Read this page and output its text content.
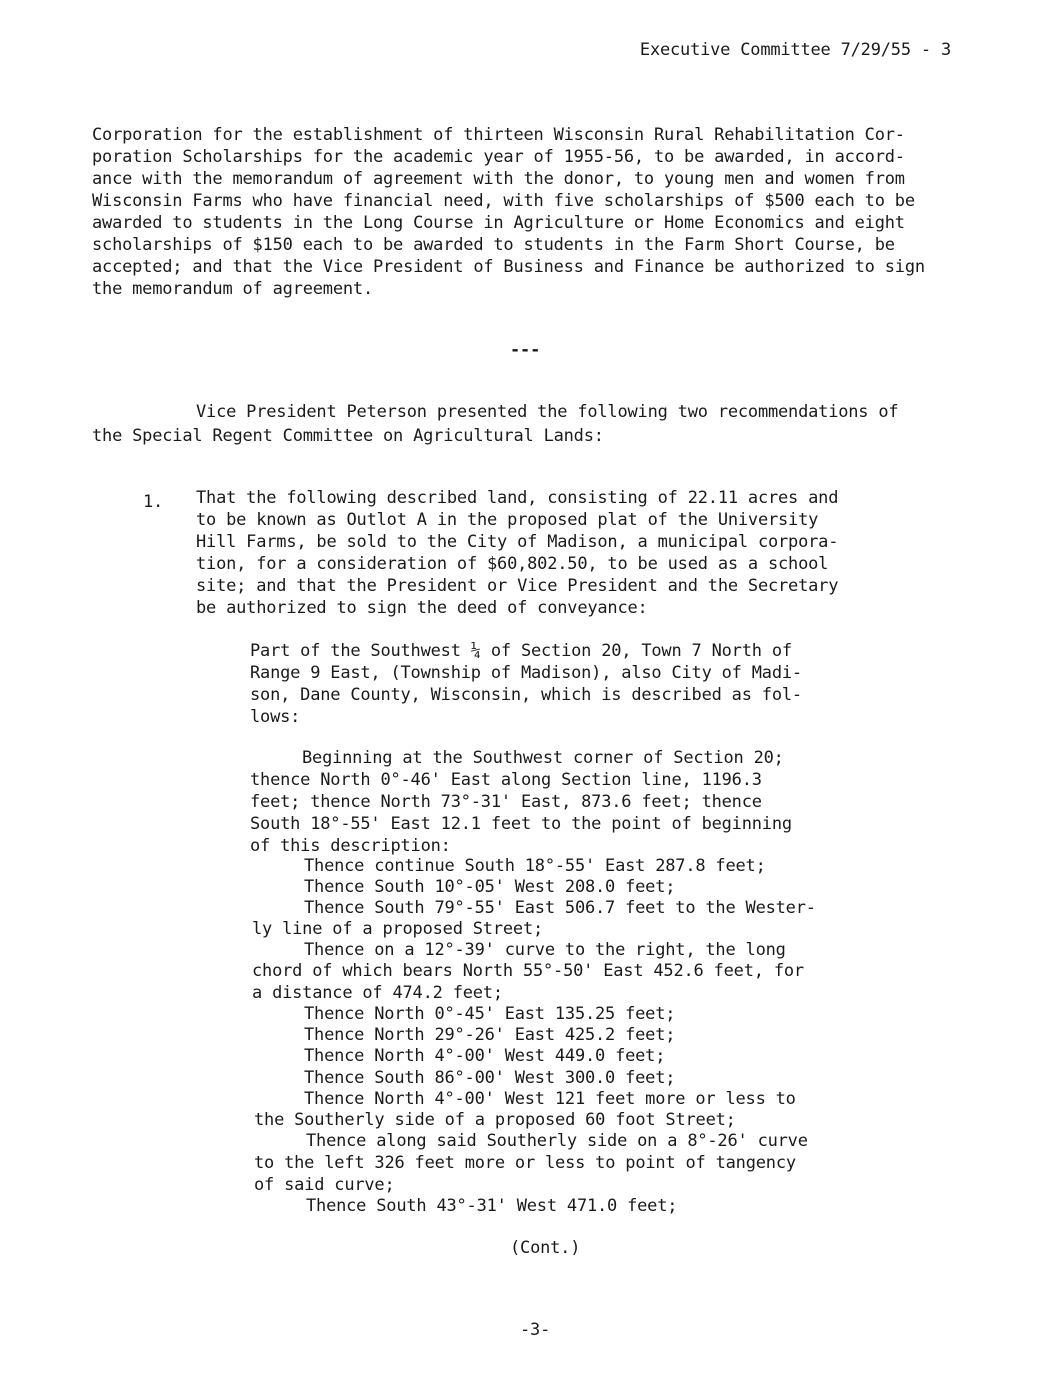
Executive Committee 7/29/55 - 3
Corporation for the establishment of thirteen Wisconsin Rural Rehabilitation Cor-
poration Scholarships for the academic year of 1955-56, to be awarded, in accord-
ance with the memorandum of agreement with the donor, to young men and women from
Wisconsin Farms who have financial need, with five scholarships of $500 each to be
awarded to students in the Long Course in Agriculture or Home Economics and eight
scholarships of $150 each to be awarded to students in the Farm Short Course, be
accepted; and that the Vice President of Business and Finance be authorized to sign
the memorandum of agreement.
---
Vice President Peterson presented the following two recommendations of
the Special Regent Committee on Agricultural Lands:
1. That the following described land, consisting of 22.11 acres and
to be known as Outlot A in the proposed plat of the University
Hill Farms, be sold to the City of Madison, a municipal corpora-
tion, for a consideration of $60,802.50, to be used as a school
site; and that the President or Vice President and the Secretary
be authorized to sign the deed of conveyance:
Part of the Southwest ¼ of Section 20, Town 7 North of
Range 9 East, (Township of Madison), also City of Madi-
son, Dane County, Wisconsin, which is described as fol-
lows:
Beginning at the Southwest corner of Section 20;
thence North 0°-46' East along Section line, 1196.3
feet; thence North 73°-31' East, 873.6 feet; thence
South 18°-55' East 12.1 feet to the point of beginning
of this description:
Thence continue South 18°-55' East 287.8 feet;
Thence South 10°-05' West 208.0 feet;
Thence South 79°-55' East 506.7 feet to the Wester-
ly line of a proposed Street;
Thence on a 12°-39' curve to the right, the long
chord of which bears North 55°-50' East 452.6 feet, for
a distance of 474.2 feet;
Thence North 0°-45' East 135.25 feet;
Thence North 29°-26' East 425.2 feet;
Thence North 4°-00' West 449.0 feet;
Thence South 86°-00' West 300.0 feet;
Thence North 4°-00' West 121 feet more or less to
the Southerly side of a proposed 60 foot Street;
Thence along said Southerly side on a 8°-26' curve
to the left 326 feet more or less to point of tangency
of said curve;
Thence South 43°-31' West 471.0 feet;
(Cont.)
-3-
